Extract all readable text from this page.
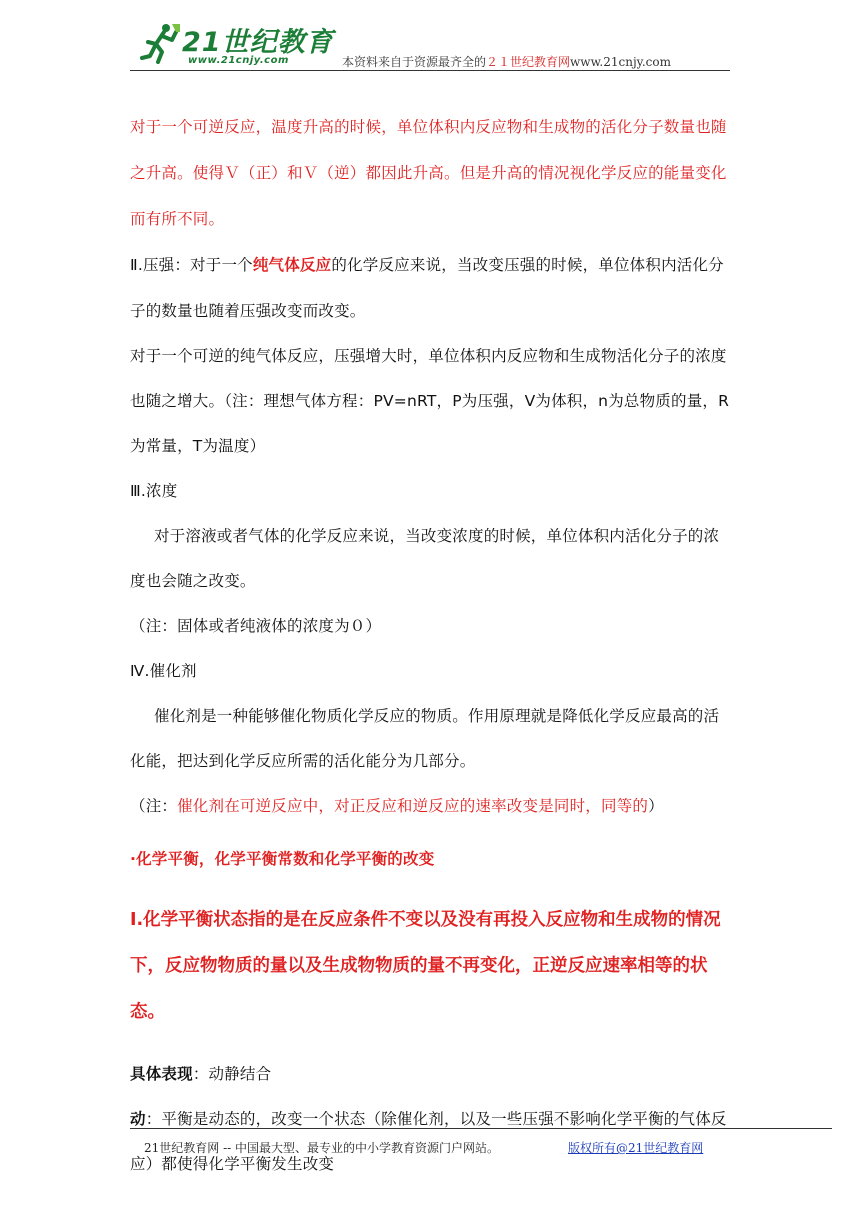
21世纪教育
www.21cnjy.com	本资料来自于资源最齐全的２１世纪教育网www.21cnjy.com

对于一个可逆反应，温度升高的时候，单位体积内反应物和生成物的活化分子数量也随之升高。使得Ｖ（正）和Ｖ（逆）都因此升高。但是升高的情况视化学反应的能量变化而有所不同。

Ⅱ.压强：对于一个纯气体反应的化学反应来说，当改变压强的时候，单位体积内活化分子的数量也随着压强改变而改变。

对于一个可逆的纯气体反应，压强增大时，单位体积内反应物和生成物活化分子的浓度也随之增大。（注：理想气体方程：PV=nRT，P为压强，V为体积，n为总物质的量，R为常量，T为温度）

Ⅲ.浓度

对于溶液或者气体的化学反应来说，当改变浓度的时候，单位体积内活化分子的浓度也会随之改变。

（注：固体或者纯液体的浓度为０）

Ⅳ.催化剂

催化剂是一种能够催化物质化学反应的物质。作用原理就是降低化学反应最高的活化能，把达到化学反应所需的活化能分为几部分。

（注：催化剂在可逆反应中，对正反应和逆反应的速率改变是同时，同等的）

·化学平衡，化学平衡常数和化学平衡的改变

Ⅰ.化学平衡状态指的是在反应条件不变以及没有再投入反应物和生成物的情况下，反应物物质的量以及生成物物质的量不再变化，正逆反应速率相等的状态。

具体表现：动静结合

动：平衡是动态的，改变一个状态（除催化剂，以及一些压强不影响化学平衡的气体反应）都使得化学平衡发生改变

21世纪教育网 -- 中国最大型、最专业的中小学教育资源门户网站。	版权所有@21世纪教育网
